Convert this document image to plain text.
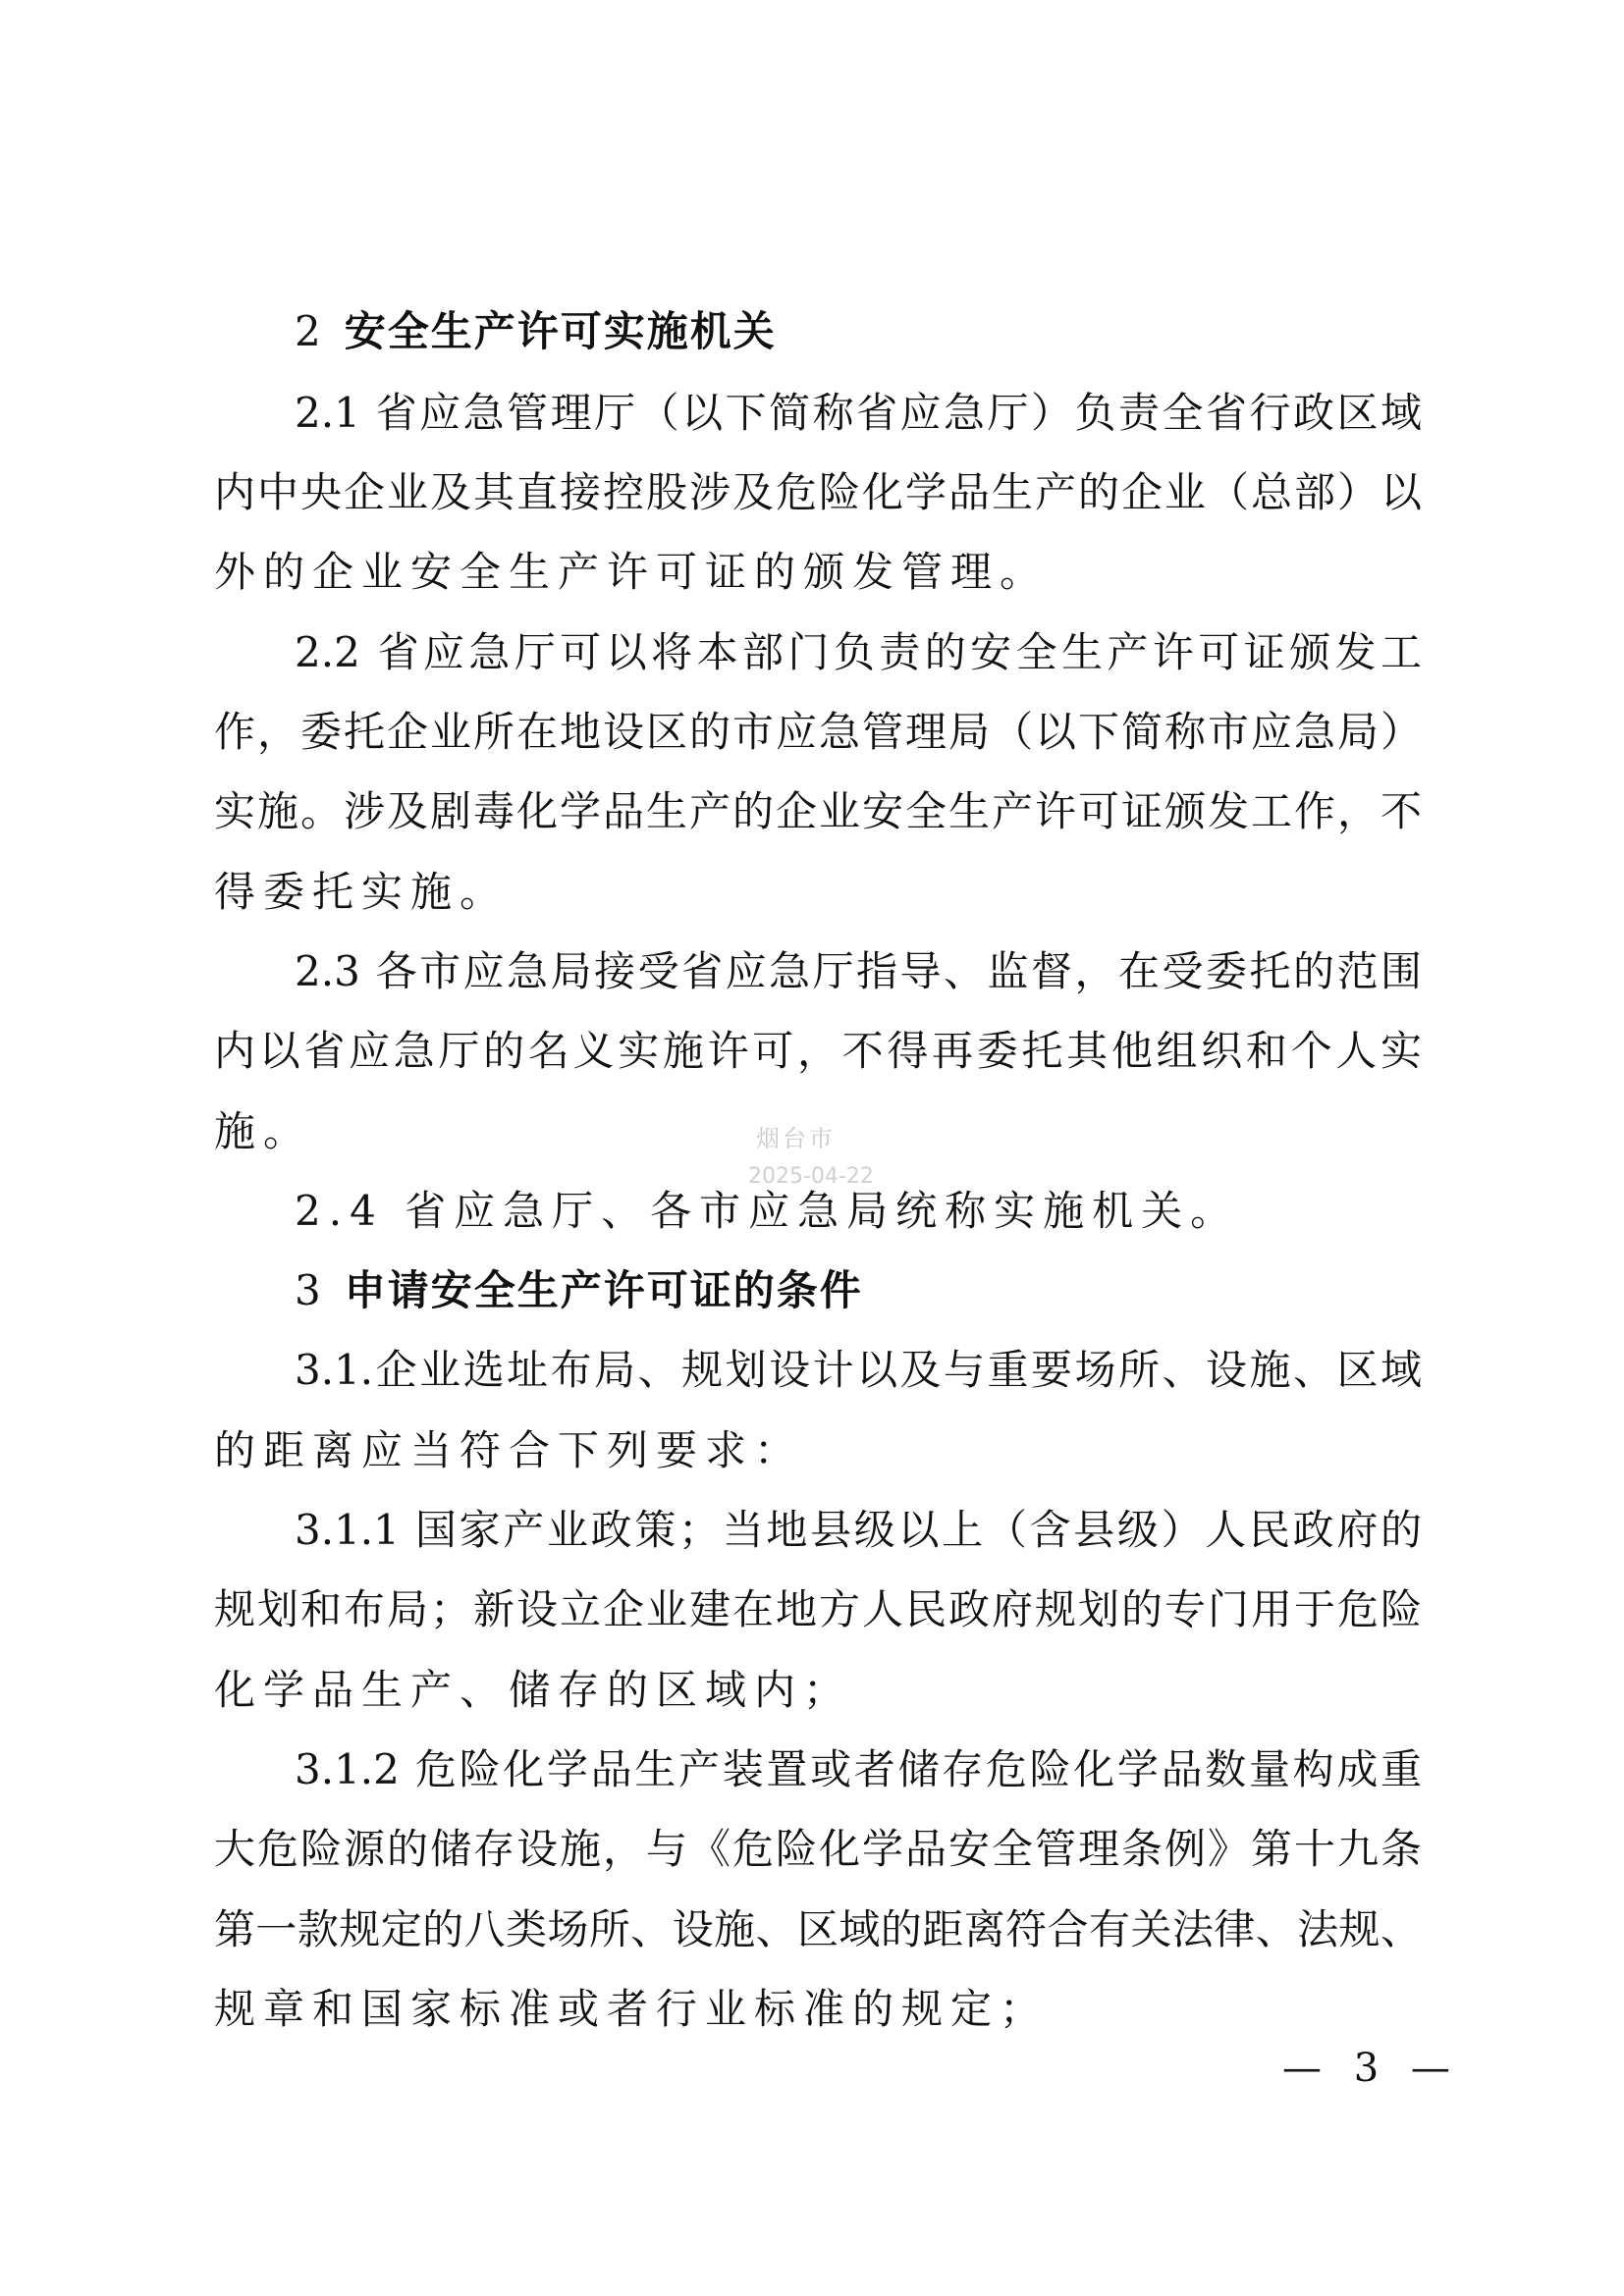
2 安全生产许可实施机关
2.1 省应急管理厅（以下简称省应急厅）负责全省行政区域
内中央企业及其直接控股涉及危险化学品生产的企业（总部）以
外的企业安全生产许可证的颁发管理。
2.2 省应急厅可以将本部门负责的安全生产许可证颁发工
作，委托企业所在地设区的市应急管理局（以下简称市应急局）
实施。涉及剧毒化学品生产的企业安全生产许可证颁发工作，不
得委托实施。
2.3 各市应急局接受省应急厅指导、监督，在受委托的范围
内以省应急厅的名义实施许可，不得再委托其他组织和个人实
施。	烟台市
2025-04-22
2.4 省应急厅、各市应急局统称实施机关。
3 申请安全生产许可证的条件
3.1.企业选址布局、规划设计以及与重要场所、设施、区域
的距离应当符合下列要求：
3.1.1 国家产业政策；当地县级以上（含县级）人民政府的
规划和布局；新设立企业建在地方人民政府规划的专门用于危险
化学品生产、储存的区域内；
3.1.2 危险化学品生产装置或者储存危险化学品数量构成重
大危险源的储存设施，与《危险化学品安全管理条例》第十九条
第一款规定的八类场所、设施、区域的距离符合有关法律、法规、
规章和国家标准或者行业标准的规定；
— 3 —
